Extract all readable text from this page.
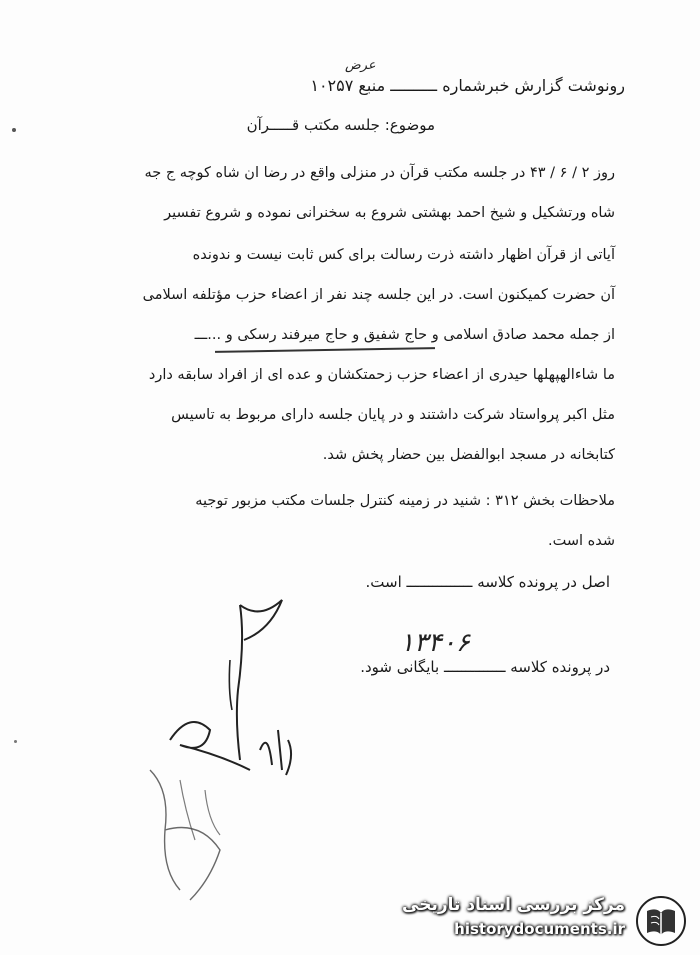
عرض
رونوشت گزارش خبرشماره ــــــــــ منبع ۱۰۲۵۷
موضوع: جلسه مکتب قـــــرآن
روز ۲ / ۶ / ۴۳ در جلسه مکتب قرآن در منزلی واقع در رضا ان شاه کوچه ج جه
شاه ورتشکیل و شیخ احمد بهشتی شروع به سخنرانی نموده و شروع تفسیر
آیاتی از قرآن اظهار داشته ذرت رسالت برای کس ثابت نیست و ندونده
آن حضرت کمیکنون است. در این جلسه چند نفر از اعضاء حزب مؤتلفه اسلامی
از جمله محمد صادق اسلامی و حاج شفیق و حاج میرفند رسکی و ...ـــ
ما شاءالهپهلها حیدری از اعضاء حزب زحمتکشان و عده ای از افراد سابقه دارد
مثل اکبر پرواستاد شرکت داشتند و در پایان جلسه دارای مربوط به تاسیس
کتابخانه در مسجد ابوالفضل بین حضار پخش شد.
ملاحظات بخش ۳۱۲ : شنید در زمینه کنترل جلسات مکتب مزبور توجیه
شده است.
اصل در پرونده کلاسه ـــــــــــــــ است.
۱۳۴۰۶
در پرونده کلاسه ــــــــــــــ بایگانی شود.
مرکز بررسی اسناد تاریخی
historydocuments.ir
